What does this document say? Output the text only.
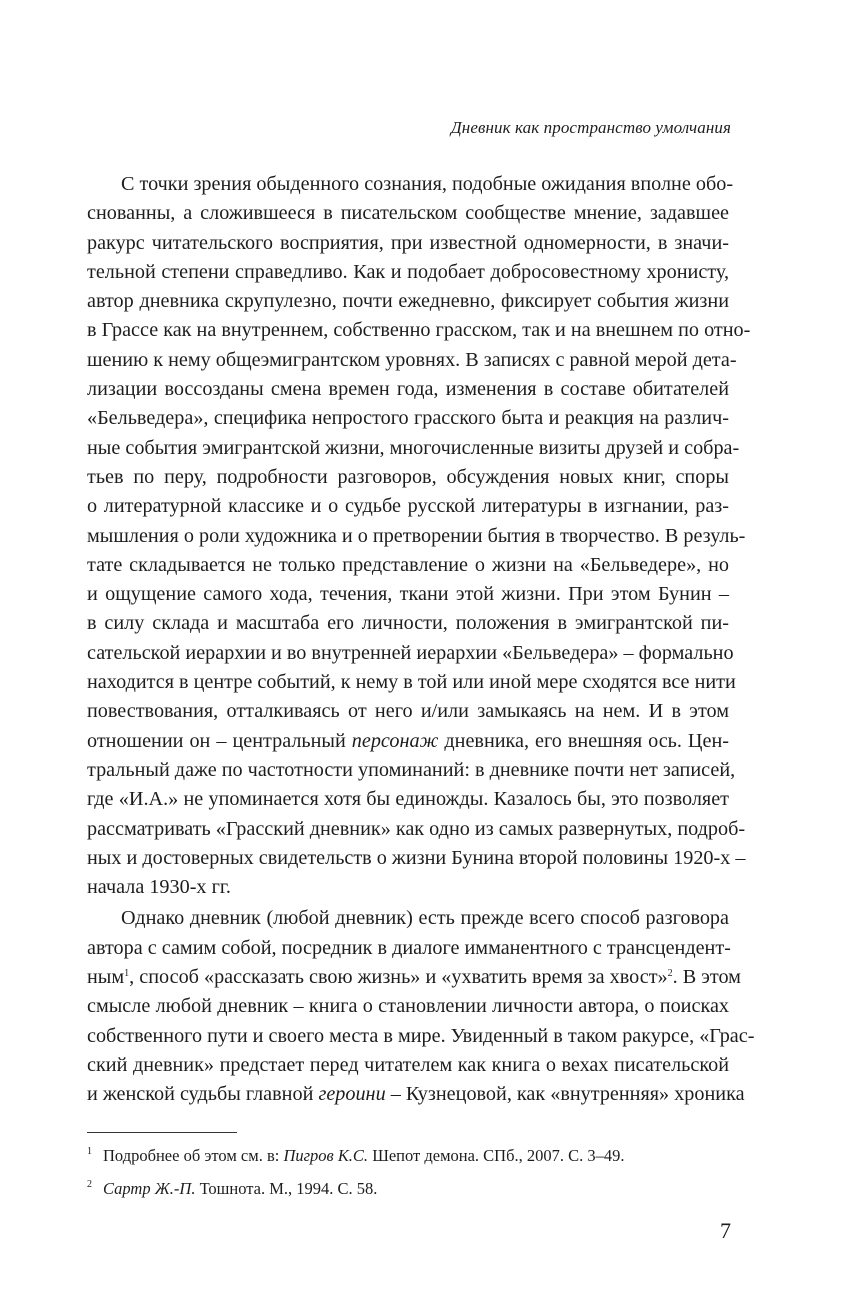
Дневник как пространство умолчания
С точки зрения обыденного сознания, подобные ожидания вполне обо-
снованны, а сложившееся в писательском сообществе мнение, задавшее
ракурс читательского восприятия, при известной одномерности, в значи-
тельной степени справедливо. Как и подобает добросовестному хронисту,
автор дневника скрупулезно, почти ежедневно, фиксирует события жизни
в Грассе как на внутреннем, собственно грасском, так и на внешнем по отно-
шению к нему общеэмигрантском уровнях. В записях с равной мерой дета-
лизации воссозданы смена времен года, изменения в составе обитателей
«Бельведера», специфика непростого грасского быта и реакция на различ-
ные события эмигрантской жизни, многочисленные визиты друзей и собра-
тьев по перу, подробности разговоров, обсуждения новых книг, споры
о литературной классике и о судьбе русской литературы в изгнании, раз-
мышления о роли художника и о претворении бытия в творчество. В резуль-
тате складывается не только представление о жизни на «Бельведере», но
и ощущение самого хода, течения, ткани этой жизни. При этом Бунин –
в силу склада и масштаба его личности, положения в эмигрантской пи-
сательской иерархии и во внутренней иерархии «Бельведера» – формально
находится в центре событий, к нему в той или иной мере сходятся все нити
повествования, отталкиваясь от него и/или замыкаясь на нем. И в этом
отношении он – центральный персонаж дневника, его внешняя ось. Цен-
тральный даже по частотности упоминаний: в дневнике почти нет записей,
где «И.А.» не упоминается хотя бы единожды. Казалось бы, это позволяет
рассматривать «Грасский дневник» как одно из самых развернутых, подроб-
ных и достоверных свидетельств о жизни Бунина второй половины 1920-х –
начала 1930-х гг.
Однако дневник (любой дневник) есть прежде всего способ разговора
автора с самим собой, посредник в диалоге имманентного с трансцендент-
ным$^1$, способ «рассказать свою жизнь» и «ухватить время за хвост»$^2$. В этом
смысле любой дневник – книга о становлении личности автора, о поисках
собственного пути и своего места в мире. Увиденный в таком ракурсе, «Грас-
ский дневник» предстает перед читателем как книга о вехах писательской
и женской судьбы главной героини – Кузнецовой, как «внутренняя» хроника
$^1$ Подробнее об этом см. в: Пигров К.С. Шепот демона. СПб., 2007. С. 3–49.
$^2$ Сартр Ж.-П. Тошнота. М., 1994. С. 58.
7
